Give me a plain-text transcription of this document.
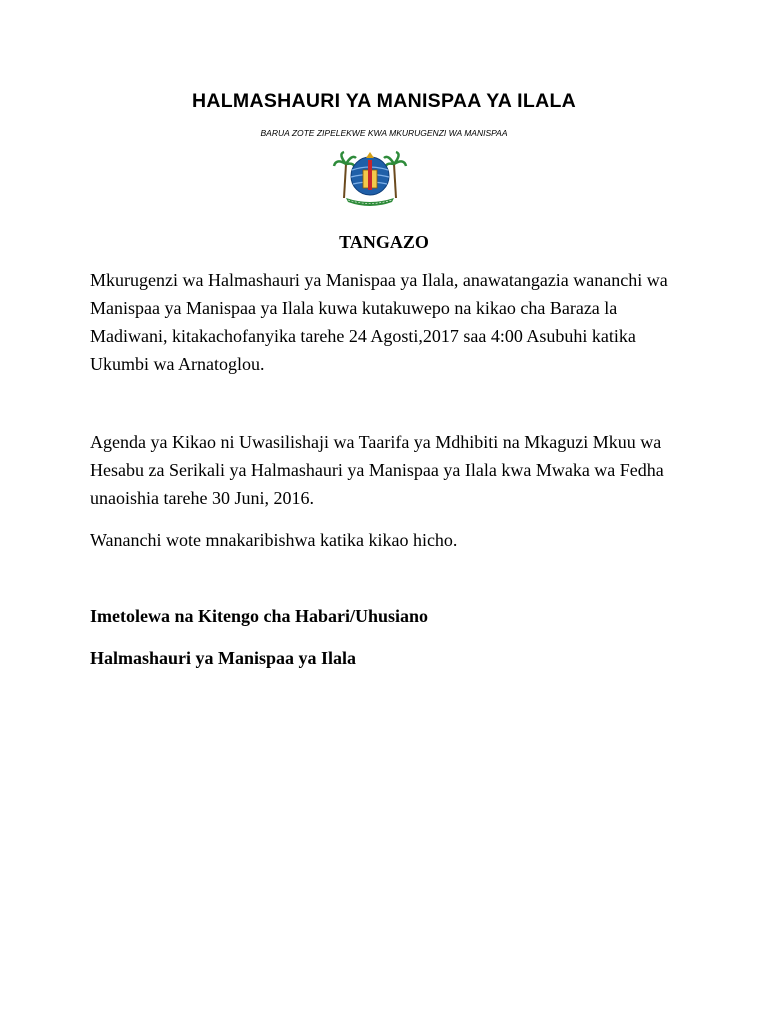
HALMASHAURI YA MANISPAA YA ILALA

BARUA ZOTE ZIPELEKWE KWA MKURUGENZI WA MANISPAA

TANGAZO

Mkurugenzi wa Halmashauri ya Manispaa ya Ilala, anawatangazia wananchi wa Manispaa ya Manispaa ya Ilala kuwa kutakuwepo na kikao cha Baraza la Madiwani, kitakachofanyika tarehe 24 Agosti,2017 saa 4:00 Asubuhi katika Ukumbi wa Arnatoglou.

Agenda ya Kikao ni Uwasilishaji wa Taarifa ya Mdhibiti na Mkaguzi Mkuu wa Hesabu za Serikali ya Halmashauri ya Manispaa ya Ilala kwa Mwaka wa Fedha unaoishia tarehe 30 Juni, 2016.

Wananchi wote mnakaribishwa katika kikao hicho.

Imetolewa na Kitengo cha Habari/Uhusiano

Halmashauri ya Manispaa ya Ilala
